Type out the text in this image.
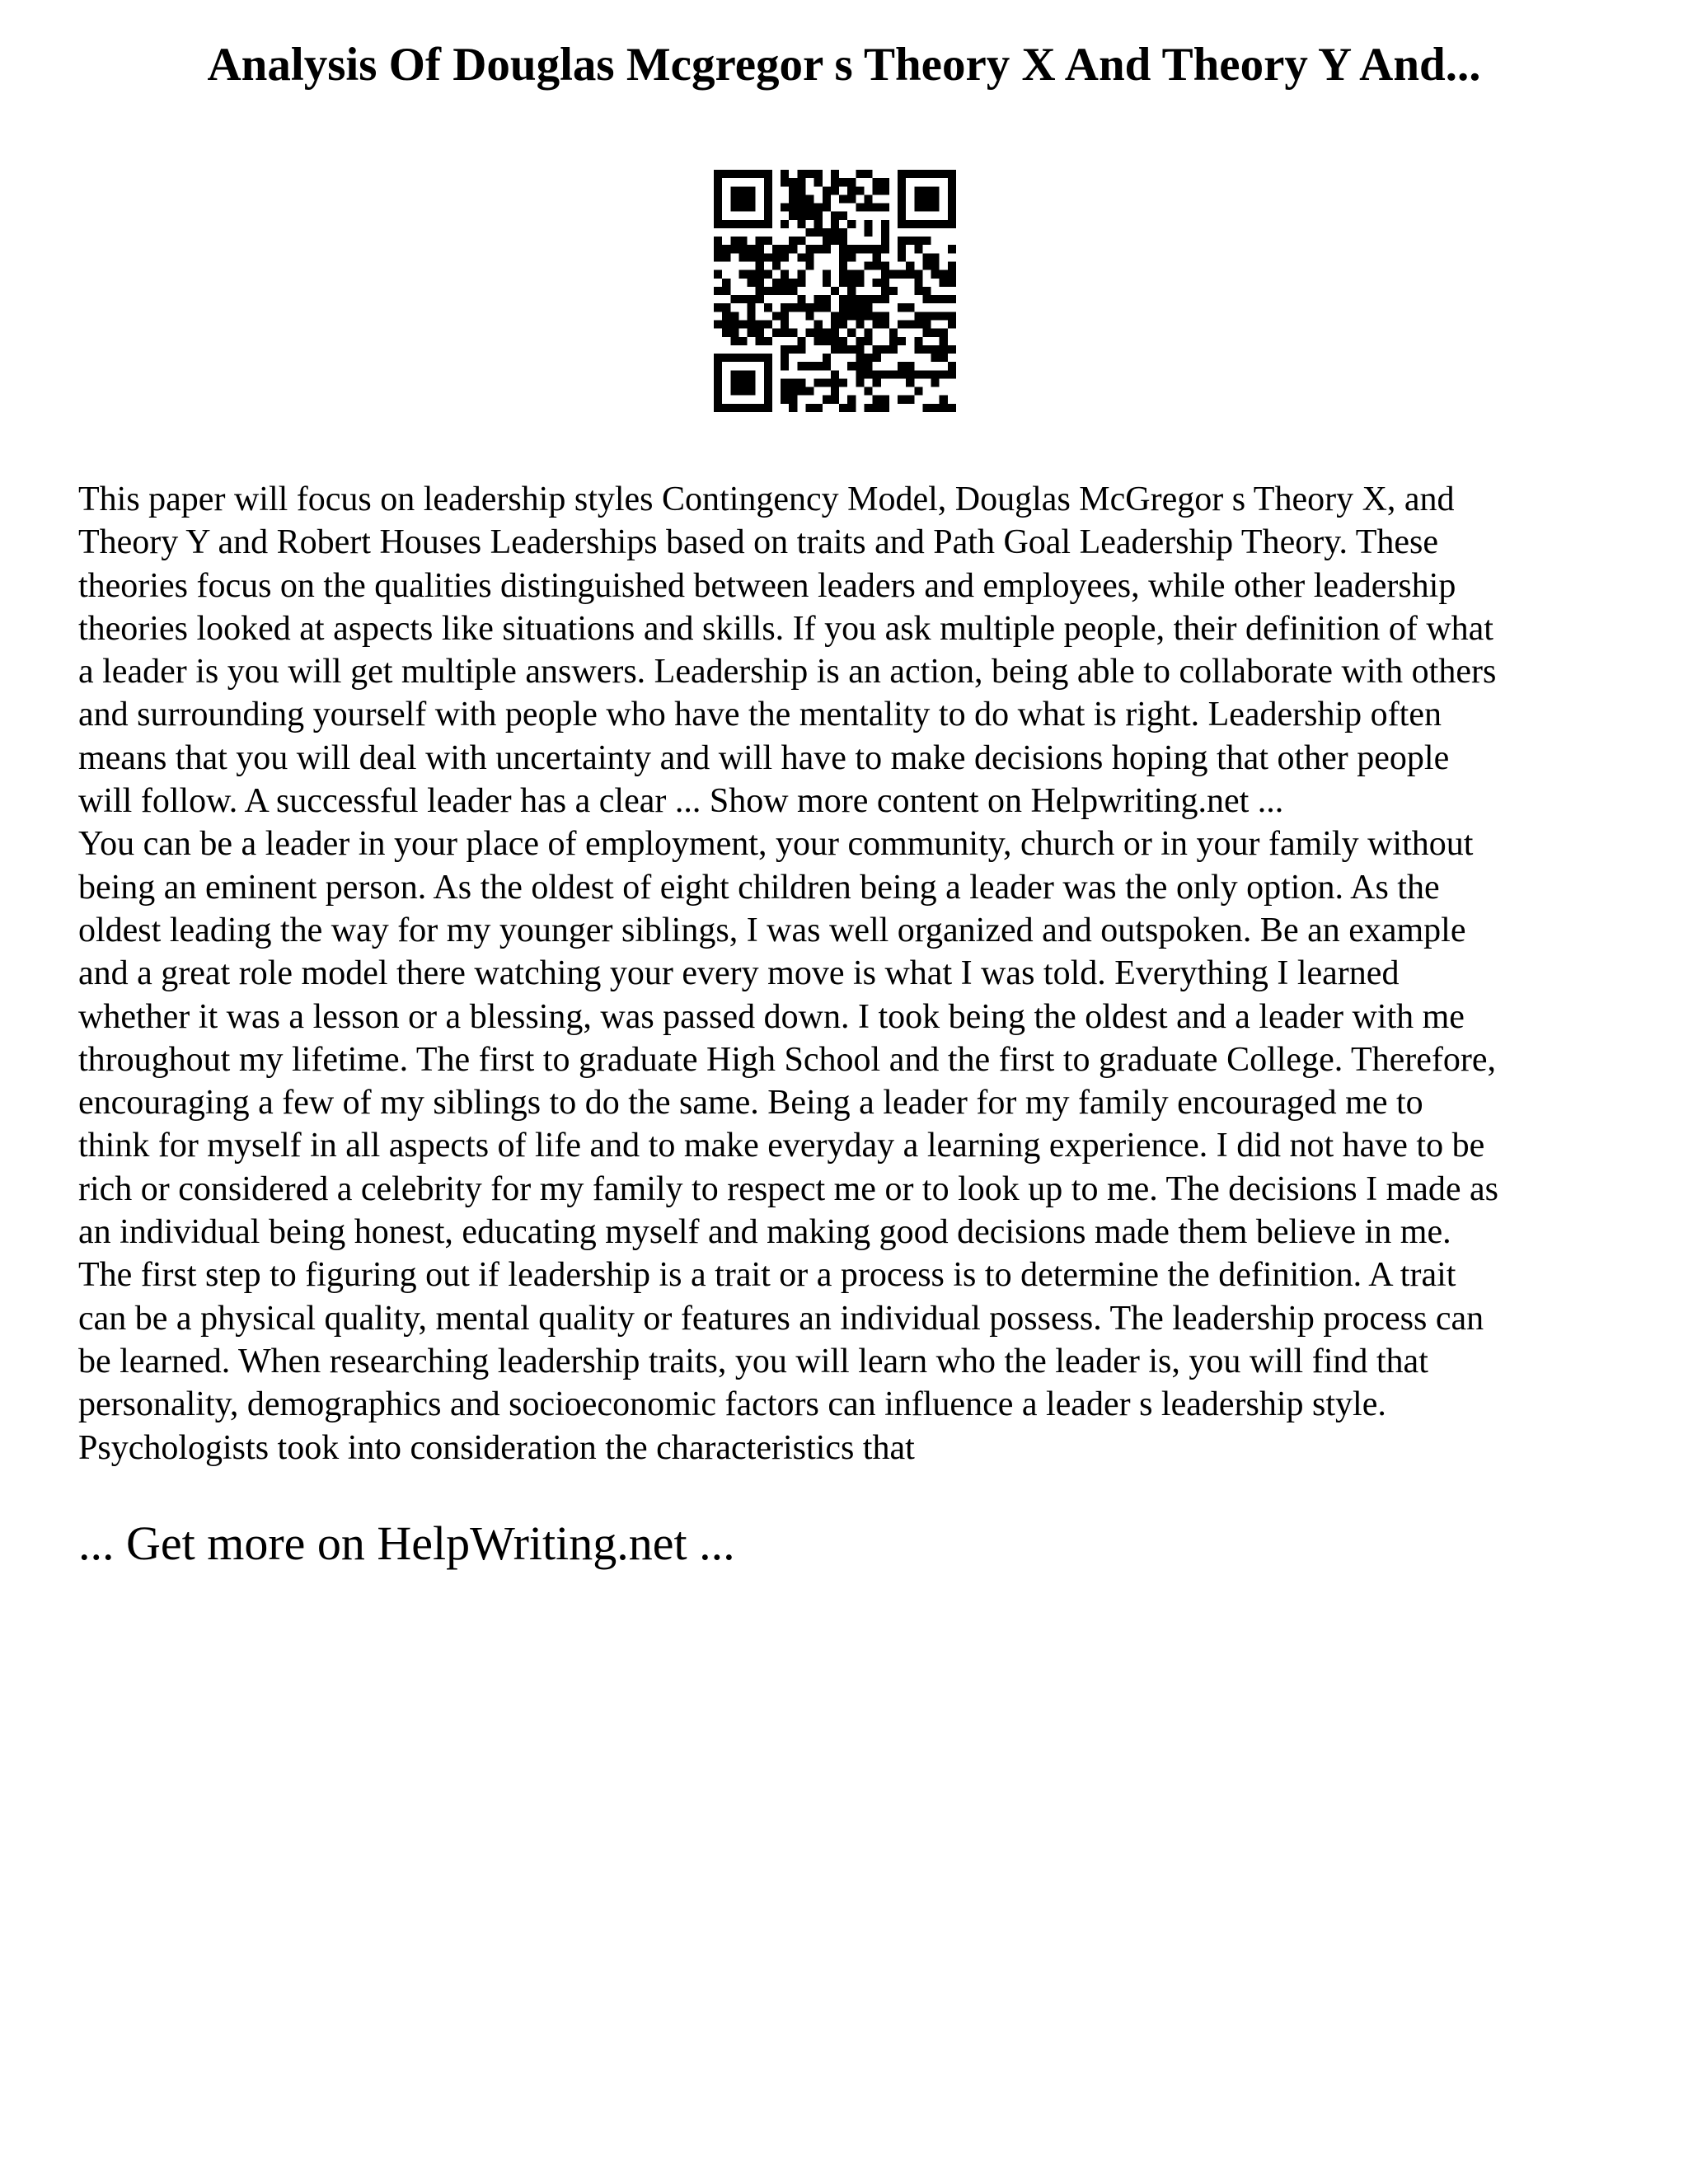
Analysis Of Douglas Mcgregor s Theory X And Theory Y And...
This paper will focus on leadership styles Contingency Model, Douglas McGregor s Theory X, and
Theory Y and Robert Houses Leaderships based on traits and Path Goal Leadership Theory. These
theories focus on the qualities distinguished between leaders and employees, while other leadership
theories looked at aspects like situations and skills. If you ask multiple people, their definition of what
a leader is you will get multiple answers. Leadership is an action, being able to collaborate with others
and surrounding yourself with people who have the mentality to do what is right. Leadership often
means that you will deal with uncertainty and will have to make decisions hoping that other people
will follow. A successful leader has a clear ... Show more content on Helpwriting.net ...
You can be a leader in your place of employment, your community, church or in your family without
being an eminent person. As the oldest of eight children being a leader was the only option. As the
oldest leading the way for my younger siblings, I was well organized and outspoken. Be an example
and a great role model there watching your every move is what I was told. Everything I learned
whether it was a lesson or a blessing, was passed down. I took being the oldest and a leader with me
throughout my lifetime. The first to graduate High School and the first to graduate College. Therefore,
encouraging a few of my siblings to do the same. Being a leader for my family encouraged me to
think for myself in all aspects of life and to make everyday a learning experience. I did not have to be
rich or considered a celebrity for my family to respect me or to look up to me. The decisions I made as
an individual being honest, educating myself and making good decisions made them believe in me.
The first step to figuring out if leadership is a trait or a process is to determine the definition. A trait
can be a physical quality, mental quality or features an individual possess. The leadership process can
be learned. When researching leadership traits, you will learn who the leader is, you will find that
personality, demographics and socioeconomic factors can influence a leader s leadership style.
Psychologists took into consideration the characteristics that
... Get more on HelpWriting.net ...
